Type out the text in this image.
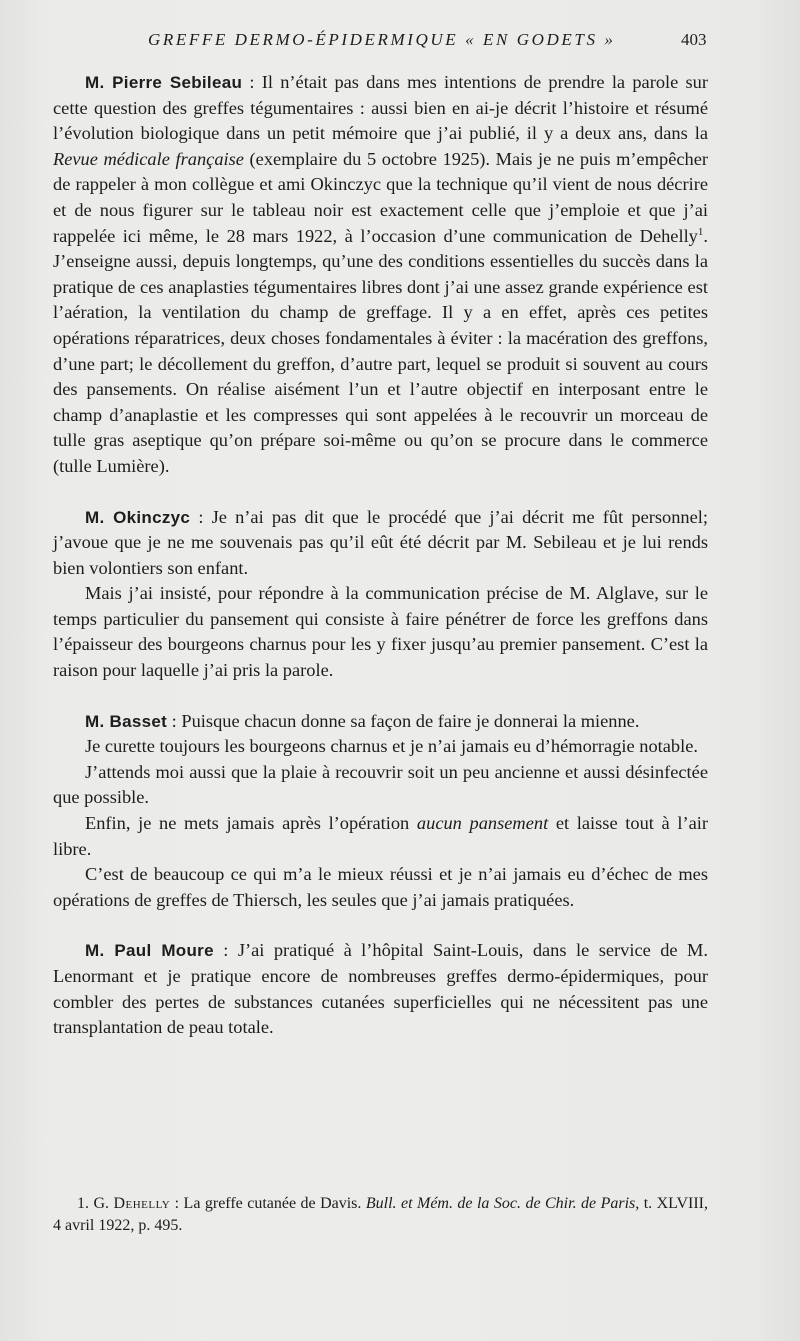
GREFFE DERMO-ÉPIDERMIQUE « EN GODETS »	403

M. Pierre Sebileau : Il n’était pas dans mes intentions de prendre la parole sur cette question des greffes tégumentaires : aussi bien en ai-je décrit l’histoire et résumé l’évolution biologique dans un petit mémoire que j’ai publié, il y a deux ans, dans la Revue médicale française (exemplaire du 5 octobre 1925). Mais je ne puis m’empêcher de rappeler à mon collègue et ami Okinczyc que la technique qu’il vient de nous décrire et de nous figurer sur le tableau noir est exactement celle que j’emploie et que j’ai rappelée ici même, le 28 mars 1922, à l’occasion d’une communication de Dehelly$^1$. J’enseigne aussi, depuis longtemps, qu’une des conditions essentielles du succès dans la pratique de ces anaplasties tégumentaires libres dont j’ai une assez grande expérience est l’aération, la ventilation du champ de greffage. Il y a en effet, après ces petites opérations réparatrices, deux choses fondamentales à éviter : la macération des greffons, d’une part; le décollement du greffon, d’autre part, lequel se produit si souvent au cours des pansements. On réalise aisément l’un et l’autre objectif en interposant entre le champ d’anaplastie et les compresses qui sont appelées à le recouvrir un morceau de tulle gras aseptique qu’on prépare soi-même ou qu’on se procure dans le commerce (tulle Lumière).

M. Okinczyc : Je n’ai pas dit que le procédé que j’ai décrit me fût personnel; j’avoue que je ne me souvenais pas qu’il eût été décrit par M. Sebileau et je lui rends bien volontiers son enfant.

Mais j’ai insisté, pour répondre à la communication précise de M. Alglave, sur le temps particulier du pansement qui consiste à faire pénétrer de force les greffons dans l’épaisseur des bourgeons charnus pour les y fixer jusqu’au premier pansement. C’est la raison pour laquelle j’ai pris la parole.

M. Basset : Puisque chacun donne sa façon de faire je donnerai la mienne.

Je curette toujours les bourgeons charnus et je n’ai jamais eu d’hémorragie notable.

J’attends moi aussi que la plaie à recouvrir soit un peu ancienne et aussi désinfectée que possible.

Enfin, je ne mets jamais après l’opération aucun pansement et laisse tout à l’air libre.

C’est de beaucoup ce qui m’a le mieux réussi et je n’ai jamais eu d’échec de mes opérations de greffes de Thiersch, les seules que j’ai jamais pratiquées.

M. Paul Moure : J’ai pratiqué à l’hôpital Saint-Louis, dans le service de M. Lenormant et je pratique encore de nombreuses greffes dermo-épidermiques, pour combler des pertes de substances cutanées superficielles qui ne nécessitent pas une transplantation de peau totale.

1. G. Dehelly : La greffe cutanée de Davis. Bull. et Mém. de la Soc. de Chir. de Paris, t. XLVIII, 4 avril 1922, p. 495.
